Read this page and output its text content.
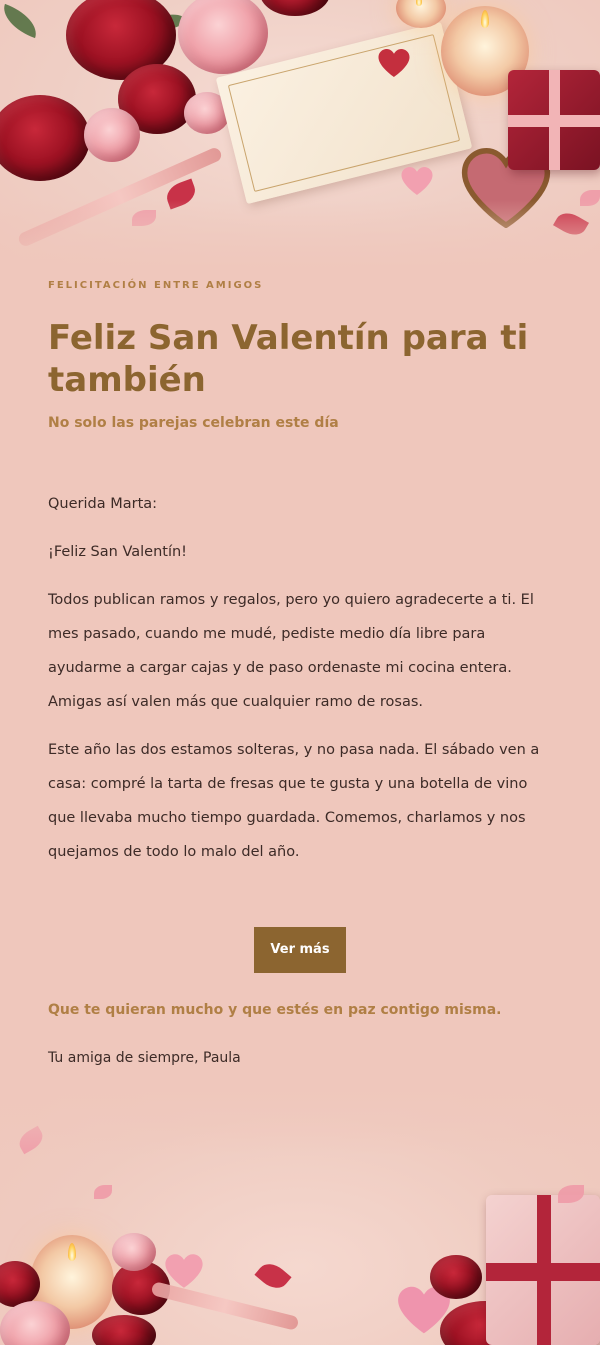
FELICITACIÓN ENTRE AMIGOS
Feliz San Valentín para ti también
No solo las parejas celebran este día

Querida Marta:

¡Feliz San Valentín!

Todos publican ramos y regalos, pero yo quiero agradecerte a ti. El mes pasado, cuando me mudé, pediste medio día libre para ayudarme a cargar cajas y de paso ordenaste mi cocina entera. Amigas así valen más que cualquier ramo de rosas.

Este año las dos estamos solteras, y no pasa nada. El sábado ven a casa: compré la tarta de fresas que te gusta y una botella de vino que llevaba mucho tiempo guardada. Comemos, charlamos y nos quejamos de todo lo malo del año.

Ver más
Que te quieran mucho y que estés en paz contigo misma.
Tu amiga de siempre, Paula
